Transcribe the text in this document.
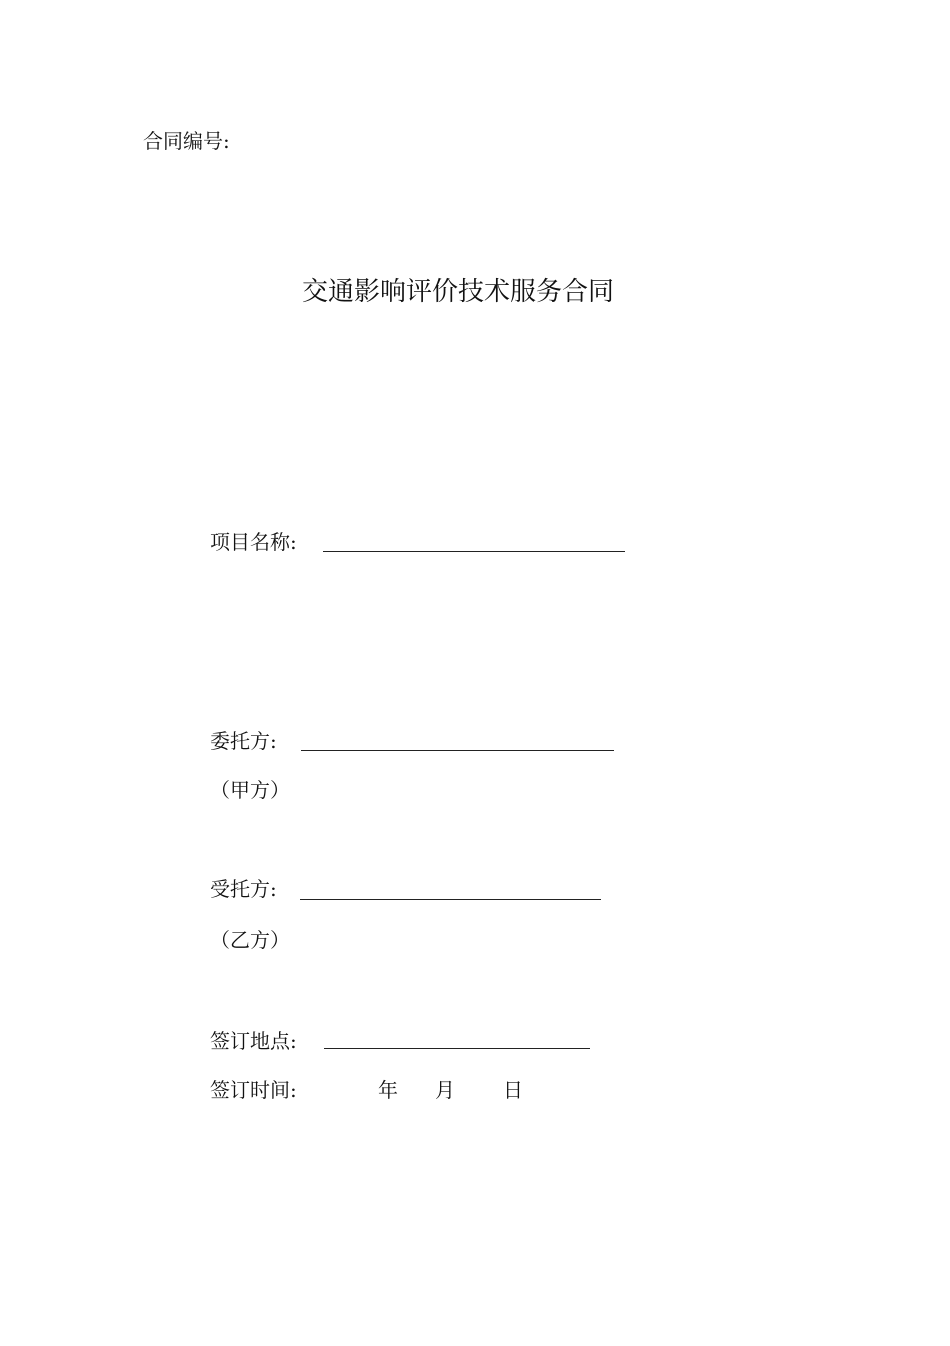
合同编号:
交通影响评价技术服务合同
项目名称:
委托方:
（甲方）
受托方:
（乙方）
签订地点:
签订时间:	年 月 日
